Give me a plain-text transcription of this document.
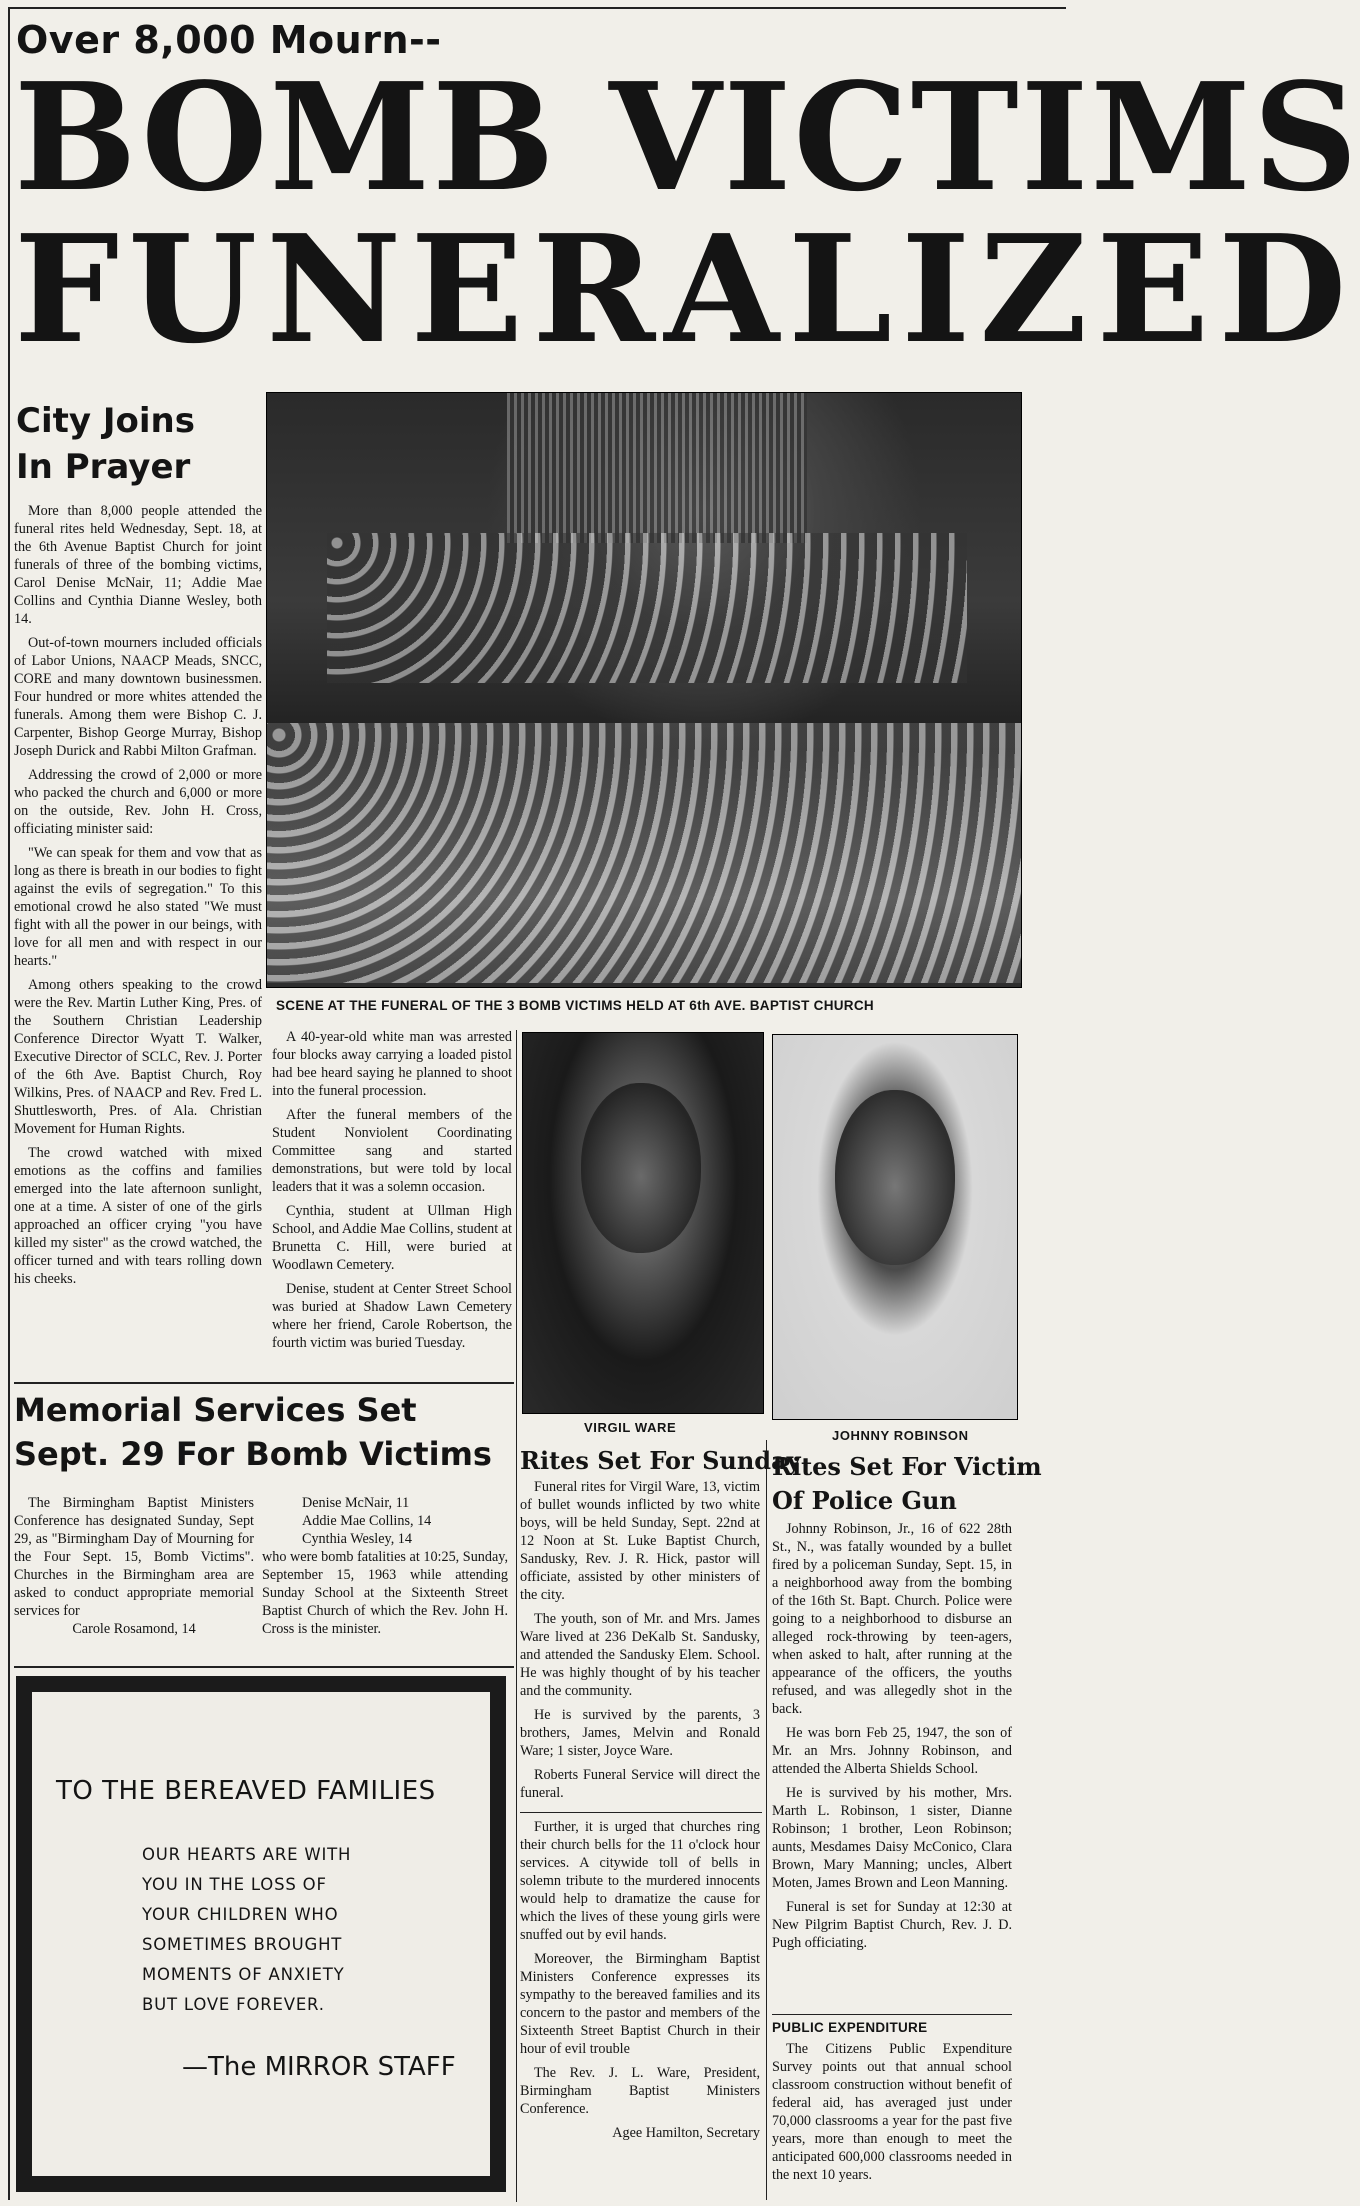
Over 8,000 Mourn--
BOMB VICTIMS
FUNERALIZED
City Joins
In Prayer

More than 8,000 people attended the funeral rites held Wednesday, Sept. 18, at the 6th Avenue Baptist Church for joint funerals of three of the bombing victims, Carol Denise McNair, 11; Addie Mae Collins and Cynthia Dianne Wesley, both 14.

Out-of-town mourners included officials of Labor Unions, NAACP Meads, SNCC, CORE and many downtown businessmen. Four hundred or more whites attended the funerals. Among them were Bishop C. J. Carpenter, Bishop George Murray, Bishop Joseph Durick and Rabbi Milton Grafman.

Addressing the crowd of 2,000 or more who packed the church and 6,000 or more on the outside, Rev. John H. Cross, officiating minister said:

"We can speak for them and vow that as long as there is breath in our bodies to fight against the evils of segregation." To this emotional crowd he also stated "We must fight with all the power in our beings, with love for all men and with respect in our hearts."

Among others speaking to the crowd were the Rev. Martin Luther King, Pres. of the Southern Christian Leadership Conference Director Wyatt T. Walker, Executive Director of SCLC, Rev. J. Porter of the 6th Ave. Baptist Church, Roy Wilkins, Pres. of NAACP and Rev. Fred L. Shuttlesworth, Pres. of Ala. Christian Movement for Human Rights.

The crowd watched with mixed emotions as the coffins and families emerged into the late afternoon sunlight, one at a time. A sister of one of the girls approached an officer crying "you have killed my sister" as the crowd watched, the officer turned and with tears rolling down his cheeks.

SCENE AT THE FUNERAL OF THE 3 BOMB VICTIMS HELD AT 6th AVE. BAPTIST CHURCH

A 40-year-old white man was arrested four blocks away carrying a loaded pistol had bee heard saying he planned to shoot into the funeral procession.

After the funeral members of the Student Nonviolent Coordinating Committee sang and started demonstrations, but were told by local leaders that it was a solemn occasion.

Cynthia, student at Ullman High School, and Addie Mae Collins, student at Brunetta C. Hill, were buried at Woodlawn Cemetery.

Denise, student at Center Street School was buried at Shadow Lawn Cemetery where her friend, Carole Robertson, the fourth victim was buried Tuesday.

VIRGIL WARE
JOHNNY ROBINSON
Memorial Services Set
Sept. 29 For Bomb Victims

The Birmingham Baptist Ministers Conference has designated Sunday, Sept 29, as "Birmingham Day of Mourning for the Four Sept. 15, Bomb Victims". Churches in the Birmingham area are asked to conduct appropriate memorial services for

Carole Rosamond, 14
Denise McNair, 11
Addie Mae Collins, 14
Cynthia Wesley, 14

who were bomb fatalities at 10:25, Sunday, September 15, 1963 while attending Sunday School at the Sixteenth Street Baptist Church of which the Rev. John H. Cross is the minister.

TO THE BEREAVED FAMILIES
OUR HEARTS ARE WITH
YOU IN THE LOSS OF
YOUR CHILDREN WHO
SOMETIMES BROUGHT
MOMENTS OF ANXIETY
BUT LOVE FOREVER.
—The MIRROR STAFF
Rites Set For Sunday

Funeral rites for Virgil Ware, 13, victim of bullet wounds inflicted by two white boys, will be held Sunday, Sept. 22nd at 12 Noon at St. Luke Baptist Church, Sandusky, Rev. J. R. Hick, pastor will officiate, assisted by other ministers of the city.

The youth, son of Mr. and Mrs. James Ware lived at 236 DeKalb St. Sandusky, and attended the Sandusky Elem. School. He was highly thought of by his teacher and the community.

He is survived by the parents, 3 brothers, James, Melvin and Ronald Ware; 1 sister, Joyce Ware.

Roberts Funeral Service will direct the funeral.

Further, it is urged that churches ring their church bells for the 11 o'clock hour services. A citywide toll of bells in solemn tribute to the murdered innocents would help to dramatize the cause for which the lives of these young girls were snuffed out by evil hands.

Moreover, the Birmingham Baptist Ministers Conference expresses its sympathy to the bereaved families and its concern to the pastor and members of the Sixteenth Street Baptist Church in their hour of evil trouble

The Rev. J. L. Ware, President, Birmingham Baptist Ministers Conference.

Agee Hamilton, Secretary
Rites Set For Victim
Of Police Gun

Johnny Robinson, Jr., 16 of 622 28th St., N., was fatally wounded by a bullet fired by a policeman Sunday, Sept. 15, in a neighborhood away from the bombing of the 16th St. Bapt. Church. Police were going to a neighborhood to disburse an alleged rock-throwing by teen-agers, when asked to halt, after running at the appearance of the officers, the youths refused, and was allegedly shot in the back.

He was born Feb 25, 1947, the son of Mr. an Mrs. Johnny Robinson, and attended the Alberta Shields School.

He is survived by his mother, Mrs. Marth L. Robinson, 1 sister, Dianne Robinson; 1 brother, Leon Robinson; aunts, Mesdames Daisy McConico, Clara Brown, Mary Manning; uncles, Albert Moten, James Brown and Leon Manning.

Funeral is set for Sunday at 12:30 at New Pilgrim Baptist Church, Rev. J. D. Pugh officiating.

PUBLIC EXPENDITURE
The Citizens Public Expenditure Survey points out that annual school classroom construction without benefit of federal aid, has averaged just under 70,000 classrooms a year for the past five years, more than enough to meet the anticipated 600,000 classrooms needed in the next 10 years.
